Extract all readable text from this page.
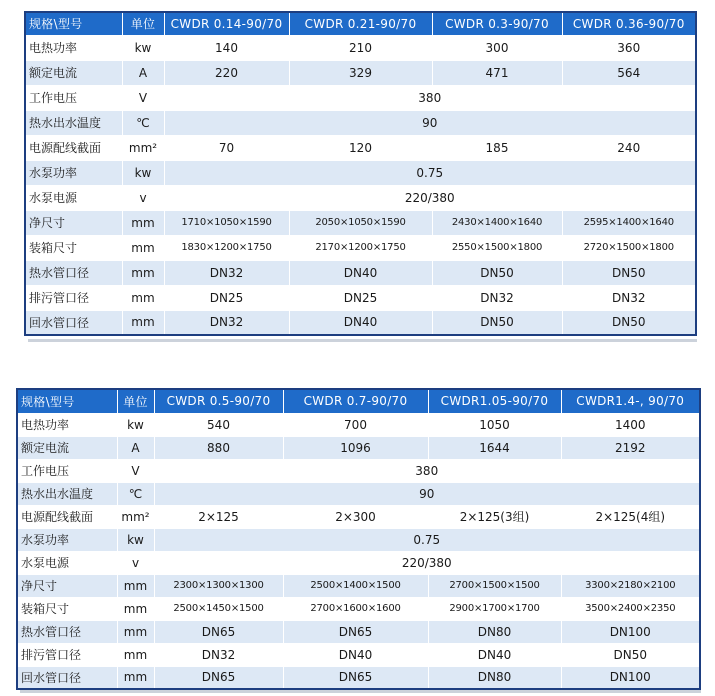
规格\型号	单位	CWDR 0.14-90/70	CWDR 0.21-90/70	CWDR 0.3-90/70	CWDR 0.36-90/70
电热功率	kw	140	210	300	360
额定电流	A	220	329	471	564
工作电压	V	380			
热水出水温度	℃	90			
电源配线截面	mm²	70	120	185	240
水泵功率	kw	0.75			
水泵电源	v	220/380			
净尺寸	mm	1710×1050×1590	2050×1050×1590	2430×1400×1640	2595×1400×1640
装箱尺寸	mm	1830×1200×1750	2170×1200×1750	2550×1500×1800	2720×1500×1800
热水管口径	mm	DN32	DN40	DN50	DN50
排污管口径	mm	DN25	DN25	DN32	DN32
回水管口径	mm	DN32	DN40	DN50	DN50
规格\型号	单位	CWDR 0.5-90/70	CWDR 0.7-90/70	CWDR1.05-90/70	CWDR1.4-, 90/70
电热功率	kw	540	700	1050	1400
额定电流	A	880	1096	1644	2192
工作电压	V	380			
热水出水温度	℃	90			
电源配线截面	mm²	2×125	2×300	2×125(3组)	2×125(4组)
水泵功率	kw	0.75			
水泵电源	v	220/380			
净尺寸	mm	2300×1300×1300	2500×1400×1500	2700×1500×1500	3300×2180×2100
装箱尺寸	mm	2500×1450×1500	2700×1600×1600	2900×1700×1700	3500×2400×2350
热水管口径	mm	DN65	DN65	DN80	DN100
排污管口径	mm	DN32	DN40	DN40	DN50
回水管口径	mm	DN65	DN65	DN80	DN100
